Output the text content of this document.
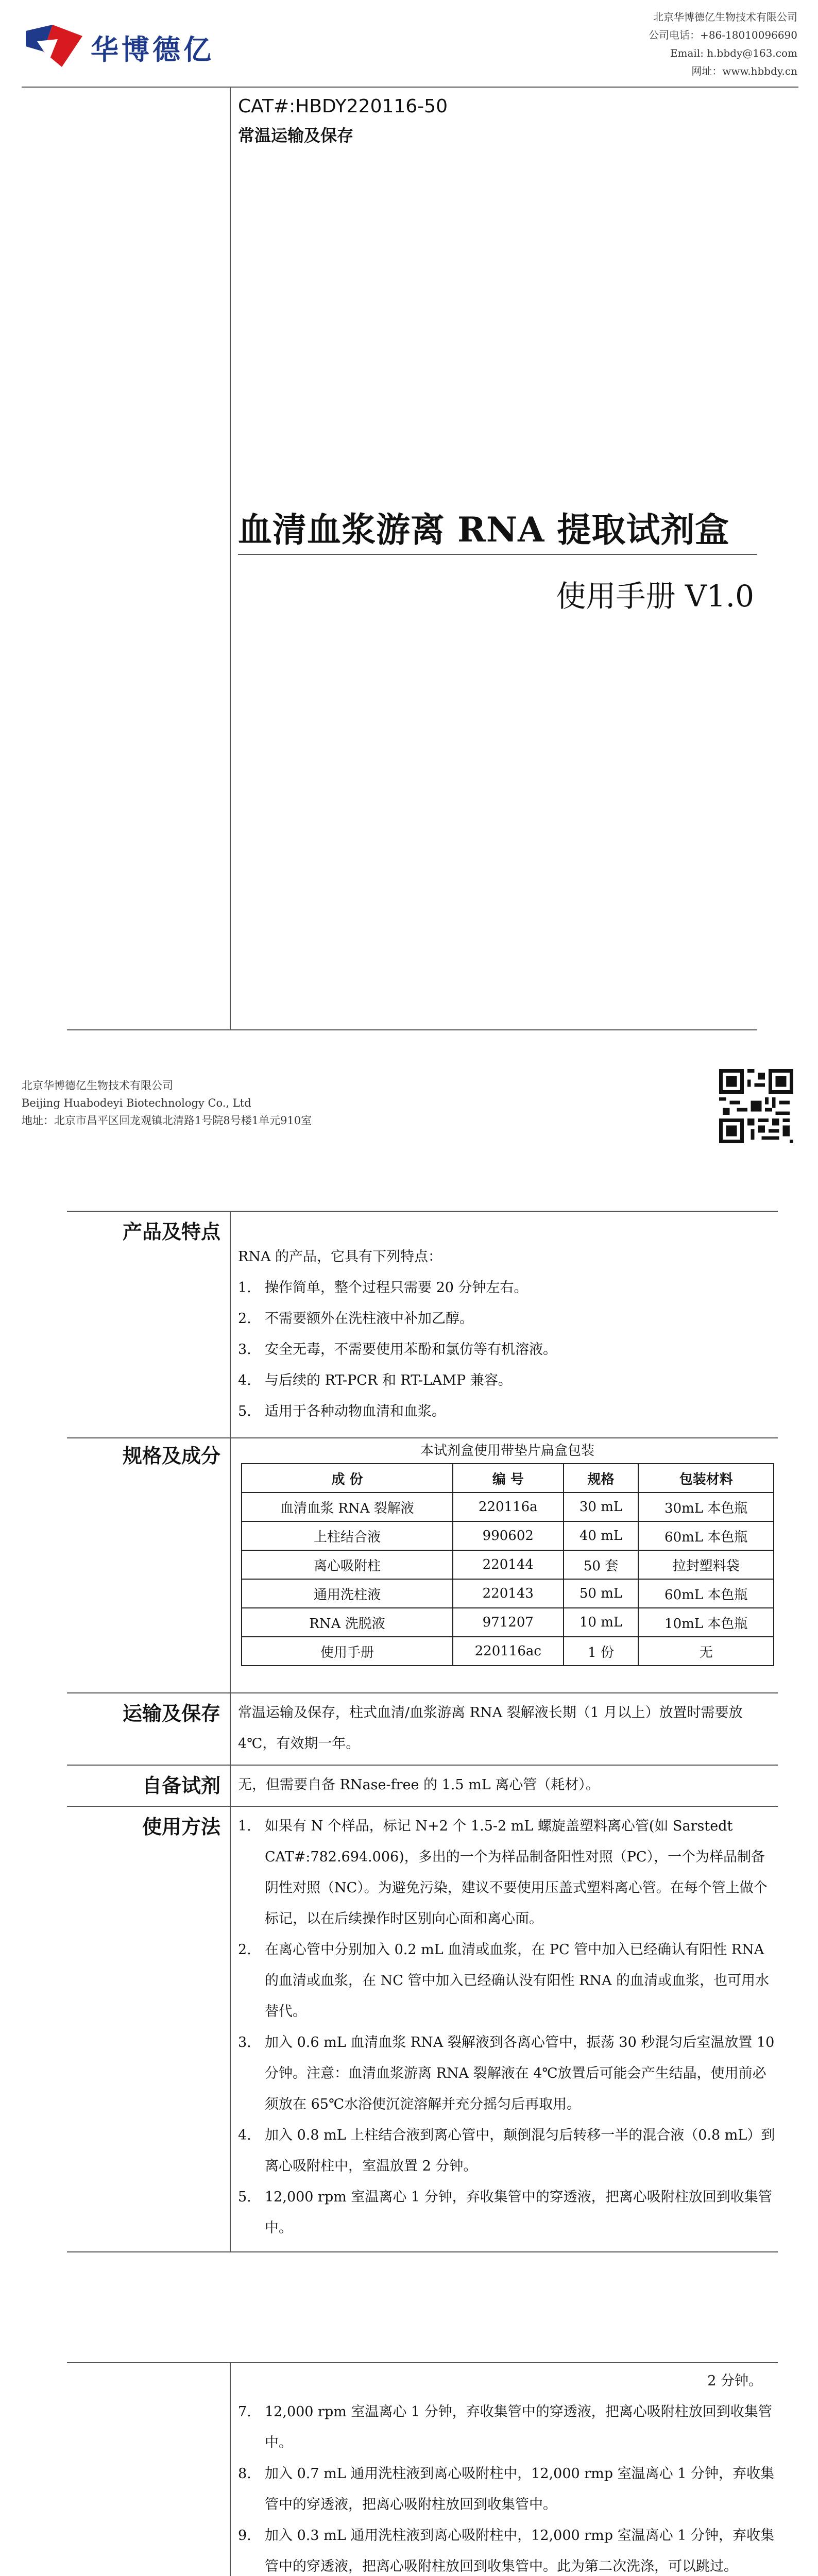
华博德亿
北京华博德亿生物技术有限公司
公司电话：+86-18010096690
Email: h.bbdy@163.com
网址：www.hbbdy.cn
CAT#:HBDY220116-50
常温运输及保存
血清血浆游离 RNA 提取试剂盒
使用手册 V1.0
北京华博德亿生物技术有限公司
Beijing Huabodeyi Biotechnology Co., Ltd
地址：北京市昌平区回龙观镇北清路1号院8号楼1单元910室
产品及特点
RNA 的产品，它具有下列特点：
1. 操作简单，整个过程只需要 20 分钟左右。
2. 不需要额外在洗柱液中补加乙醇。
3. 安全无毒，不需要使用苯酚和氯仿等有机溶液。
4. 与后续的 RT-PCR 和 RT-LAMP 兼容。
5. 适用于各种动物血清和血浆。
规格及成分	本试剂盒使用带垫片扁盒包装
成 份	编 号	规格	包装材料
血清血浆 RNA 裂解液	220116a	30 mL	30mL 本色瓶
上柱结合液	990602	40 mL	60mL 本色瓶
离心吸附柱	220144	50 套	拉封塑料袋
通用洗柱液	220143	50 mL	60mL 本色瓶
RNA 洗脱液	971207	10 mL	10mL 本色瓶
使用手册	220116ac	1 份	无
运输及保存 常温运输及保存，柱式血清/血浆游离 RNA 裂解液长期（1 月以上）放置时需要放 4℃，有效期一年。
自备试剂 无，但需要自备 RNase-free 的 1.5 mL 离心管（耗材）。
使用方法 1. 如果有 N 个样品，标记 N+2 个 1.5-2 mL 螺旋盖塑料离心管(如 Sarstedt CAT#:782.694.006)，多出的一个为样品制备阳性对照（PC），一个为样品制备阴性对照（NC）。为避免污染，建议不要使用压盖式塑料离心管。在每个管上做个标记，以在后续操作时区别向心面和离心面。
2. 在离心管中分别加入 0.2 mL 血清或血浆，在 PC 管中加入已经确认有阳性 RNA 的血清或血浆，在 NC 管中加入已经确认没有阳性 RNA 的血清或血浆，也可用水替代。
3. 加入 0.6 mL 血清血浆 RNA 裂解液到各离心管中，振荡 30 秒混匀后室温放置 10 分钟。注意：血清血浆游离 RNA 裂解液在 4℃放置后可能会产生结晶，使用前必须放在 65℃水浴使沉淀溶解并充分摇匀后再取用。
4. 加入 0.8 mL 上柱结合液到离心管中，颠倒混匀后转移一半的混合液（0.8 mL）到离心吸附柱中，室温放置 2 分钟。
5. 12,000 rpm 室温离心 1 分钟，弃收集管中的穿透液，把离心吸附柱放回到收集管中。
2 分钟。
7. 12,000 rpm 室温离心 1 分钟，弃收集管中的穿透液，把离心吸附柱放回到收集管中。
8. 加入 0.7 mL 通用洗柱液到离心吸附柱中，12,000 rmp 室温离心 1 分钟，弃收集管中的穿透液，把离心吸附柱放回到收集管中。
9. 加入 0.3 mL 通用洗柱液到离心吸附柱中，12,000 rmp 室温离心 1 分钟，弃收集管中的穿透液，把离心吸附柱放回到收集管中。此为第二次洗涤，可以跳过。
